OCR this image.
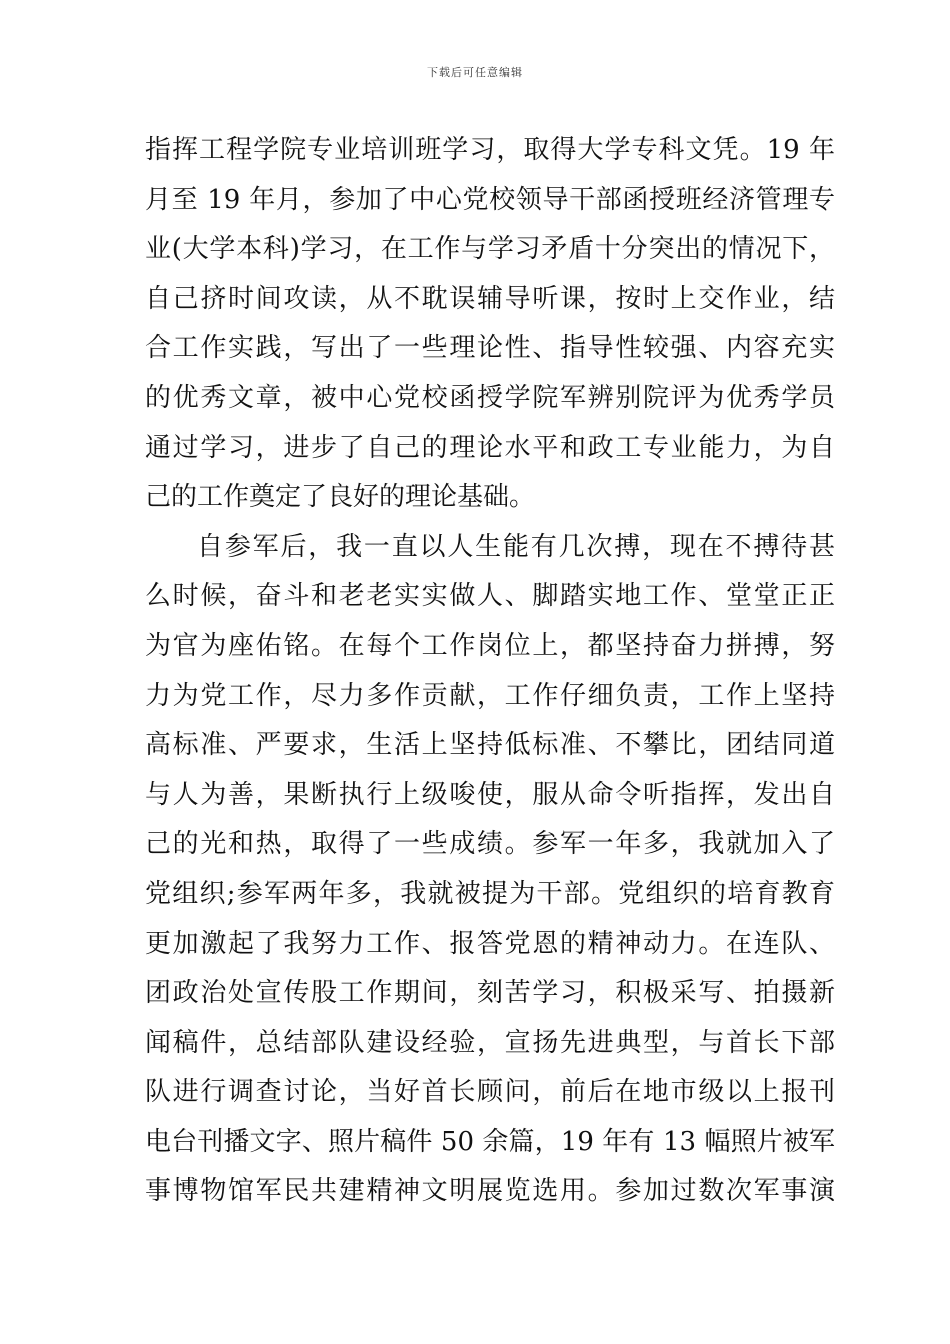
下载后可任意编辑
指挥工程学院专业培训班学习，取得大学专科文凭。19 年
月至 19 年月，参加了中心党校领导干部函授班经济管理专
业(大学本科)学习，在工作与学习矛盾十分突出的情况下，
自己挤时间攻读，从不耽误辅导听课，按时上交作业，结
合工作实践，写出了一些理论性、指导性较强、内容充实
的优秀文章，被中心党校函授学院军辨别院评为优秀学员
通过学习，进步了自己的理论水平和政工专业能力，为自
己的工作奠定了良好的理论基础。
自参军后，我一直以人生能有几次搏，现在不搏待甚
么时候，奋斗和老老实实做人、脚踏实地工作、堂堂正正
为官为座佑铭。在每个工作岗位上，都坚持奋力拼搏，努
力为党工作，尽力多作贡献，工作仔细负责，工作上坚持
高标准、严要求，生活上坚持低标准、不攀比，团结同道
与人为善，果断执行上级唆使，服从命令听指挥，发出自
己的光和热，取得了一些成绩。参军一年多，我就加入了
党组织;参军两年多，我就被提为干部。党组织的培育教育
更加激起了我努力工作、报答党恩的精神动力。在连队、
团政治处宣传股工作期间，刻苦学习，积极采写、拍摄新
闻稿件，总结部队建设经验，宣扬先进典型，与首长下部
队进行调查讨论，当好首长顾问，前后在地市级以上报刊
电台刊播文字、照片稿件 50 余篇，19 年有 13 幅照片被军
事博物馆军民共建精神文明展览选用。参加过数次军事演
